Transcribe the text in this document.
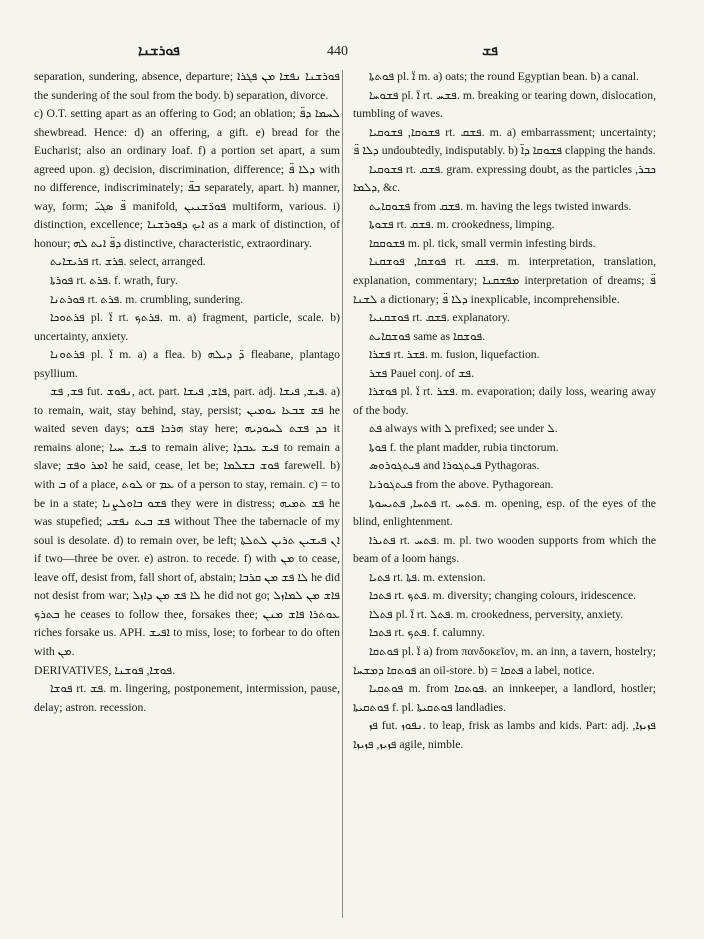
ܦܘܪܫܢܐ	440	ܦܫ

separation, sundering, absence, departure; ܦܘܪܫܢܐ ܢܦܫܐ ܡܢ ܦܓܪܐ the sundering of the soul from the body. b) separation, divorce.

c) O.T. setting apart as an offering to God; an oblation; ܠܚܡܐ ܕܦ̈ shewbread. Hence: d) an offering, a gift. e) bread for the Eucharist; also an ordinary loaf. f) a portion set apart, a sum agreed upon. g) decision, discrimination, difference; ܕܠܐ ܦ̈ with no difference, indiscriminately; ܒܦ̈ separately, apart. h) manner, way, form; ܦ̈ ܣܓܝ̈ manifold, ܦܘܪ̈ܫܢܝܢ multiform, various. i) distinction, excellence; ܐܝܟ ܕܦܘܪܫܢܐ as a mark of distinction, of honour; ܕܦ̈ ܐܝܬ ܠܗ distinctive, characteristic, extraordinary.

ܦܪܝܫܐܝܬ rt. ܦܪܫ. select, arranged.

ܦܘܪܬܐ rt. ܦܪܬ. f. wrath, fury.

ܦܘܪܬܢܐ rt. ܦܪܬ. m. crumbling, sundering.

ܦܪܬܘܟܐ pl. ܐ̈ rt. ܦܪܬܟ. m. a) fragment, particle, scale. b) uncertainty, anxiety.

ܦܪܬܘܢܐ pl. ܐ̈ m. a) a flea. b) ܕ̈ ܕܝܠܗ fleabane, plantago psyllium.

ܦܫ, ܦܫ fut. ܢܦܘܫ, act. part. ܦܐܫ, ܦܝܫܐ, part. adj. ܦܝܫ, ܦܝܫܐ. a) to remain, wait, stay behind, stay, persist; ܦܫ ܫܒܥܐ ܝܘܡܝܢ he waited seven days; ܗܪܟܐ ܦܫܘ stay here; ܟܕ ܦܫܬ ܠܚܘܕܝܗ it remains alone; ܦܝܫ ܚܝܐ to remain alive; ܦܝܫ ܥܒܕܐ to remain a slave; ܐܡܪ ܘܦܫ he said, cease, let be; ܦܘܫ ܒܫܠܡܐ farewell. b) with ܒ of a place, ܠܘܬ or ܥܡ of a person to stay, remain. c) = to be in a state; ܦܫܘ ܒܐܘܠܨܢܐ they were in distress; ܦܫ ܬܡܝܗ he was stupefied; ܦܫ ܒܝܬ ܢܦܫܝ without Thee the tabernacle of my soul is desolate. d) to remain over, be left; ܐܢ ܦܝܫܝܢ ܬܪܝܢ ܠܬܠܬܐ if two—three be over. e) astron. to recede. f) with ܡܢ to cease, leave off, desist from, fall short of, abstain; ܠܐ ܦܫ ܡܢ ܩܪܒܐ he did not desist from war; ܠܐ ܦܫ ܡܢ ܕܐܙܠ he did not go; ܦܐܫ ܡܢ ܠܡܐܙܠ ܒܬܪܟ he ceases to follow thee, forsakes thee; ܥܘܬܪܐ ܦܐܫ ܡܢܢ riches forsake us. APH. ܐܦܝܫ to miss, lose; to forbear to do often with ܡܢ.

DERIVATIVES, ܦܘܫܐ, ܦܘܫܢܐ.

ܦܘܫܐ rt. ܦܫ. m. lingering, postponement, intermission, pause, delay; astron. recession.

ܦܘܬܬܐ pl. ܐ̈ m. a) oats; the round Egyptian bean. b) a canal.

ܦܫܘܚܐ pl. ܐ̈ rt. ܦܫܚ. m. breaking or tearing down, dislocation, tumbling of waves.

ܦܫܘܩܐ, ܦܫܘܩܝܐ rt. ܦܫܩ. m. a) embarrassment; uncertainty; ܕܠܐ ܦ̈ undoubtedly, indisputably. b) ܦܫܘܩܐ ܕܐ̈ clapping the hands.

ܦܫܘܩܝܐ rt. ܦܫܩ. gram. expressing doubt, as the particles ܟܒܪ, ܕܠܡܐ, &c.

ܦܫܘܩܐܝܬ from ܦܫܩ. m. having the legs twisted inwards.

ܦܫܘܬܐ rt. ܦܫܩ. m. crookedness, limping.

ܦܫܘܩܩܐ m. pl. tick, small vermin infesting birds.

ܦܘܫܩܐ, ܦܘܫܩܢܐ rt. ܦܫܩ. m. interpretation, translation, explanation, commentary; ܡܦܫܩܢܐ interpretation of dreams; ܦ̈ ܠܫܢܐ a dictionary; ܕܠܐ ܦ̈ inexplicable, incomprehensible.

ܦܘܫܩܢܝܐ rt. ܦܫܩ. explanatory.

ܦܘܫܩܐܝܬ same as ܦܘܫܩܐ.

ܦܫܪܐ rt. ܦܫܪ. m. fusion, liquefaction.

ܦܫܪ Pauel conj. of ܦܫ.

ܦܘܫܪܐ pl. ܐ̈ rt. ܦܫܪ. m. evaporation; daily loss, wearing away of the body.

ܦܬ always with ܠ prefixed; see under ܠ.

ܦܘܬܐ f. the plant madder, rubia tinctorum.

ܦܝܬܓܘܪܘܣ and ܦܝܬܓܘܪܐ Pythagoras.

ܦܝܬܓܘܪܝܐ from the above. Pythagorean.

ܦܬܚܐ, ܦܬܝܚܘܬܐ rt. ܦܬܚ. m. opening, esp. of the eyes of the blind, enlightenment.

ܦܬܝܪܐ rt. ܦܬܚ. m. pl. two wooden supports from which the beam of a loom hangs.

ܦܬܝܐ rt. ܦܬܐ. m. extension.

ܦܬܟܐ rt. ܦܬܟ. m. diversity; changing colours, iridescence.

ܦܬܠܐ pl. ܐ̈ rt. ܦܬܠ. m. crookedness, perversity, anxiety.

ܦܬܟܐ rt. ܦܬܟ. f. calumny.

ܦܘܬܩܐ pl. ܐ̈ a) from πανδοκεῖον, m. an inn, a tavern, hostelry; ܦܘܬܩܐ ܕܡܫܚܐ an oil-store. b) = ܦܬܩܐ a label, notice.

ܦܘܬܩܝܐ m. from ܦܘܬܩܐ. an innkeeper, a landlord, hostler; ܦܘܬܩܝܬܐ f. pl. ܦܘܬܩܝܬܐ landladies.

ܦܙ fut. ܢܦܘܙ. to leap, frisk as lambs and kids. Part: adj. ܦܙܝܙܐ, ܦܙܝܙ, ܦܙܝܙܐ agile, nimble.
